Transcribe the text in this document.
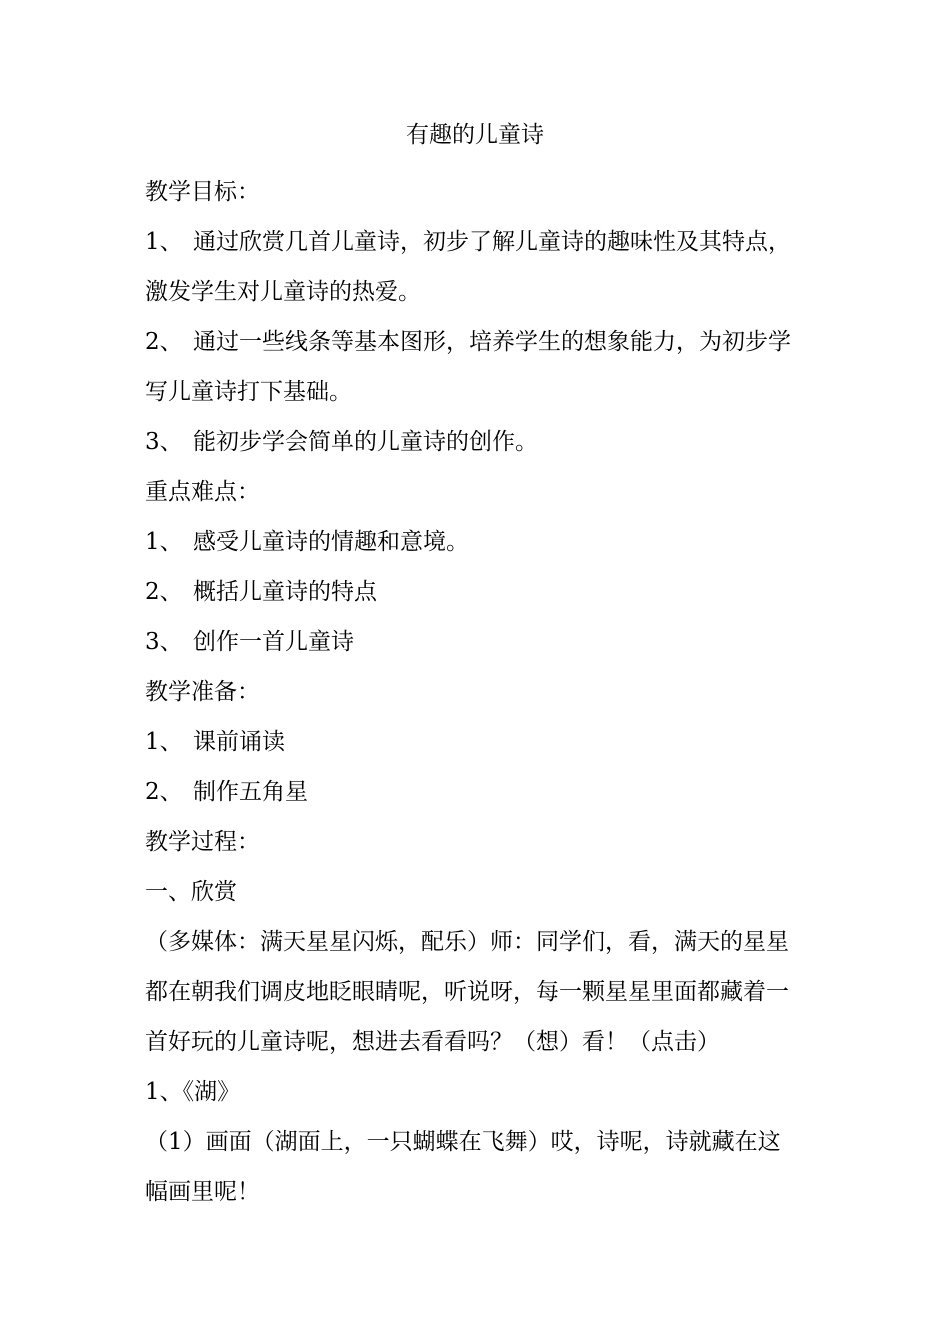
有趣的儿童诗

教学目标：

1、 通过欣赏几首儿童诗，初步了解儿童诗的趣味性及其特点，

激发学生对儿童诗的热爱。

2、 通过一些线条等基本图形，培养学生的想象能力，为初步学

写儿童诗打下基础。

3、 能初步学会简单的儿童诗的创作。

重点难点：

1、 感受儿童诗的情趣和意境。

2、 概括儿童诗的特点

3、 创作一首儿童诗

教学准备：

1、 课前诵读

2、 制作五角星

教学过程：

一、欣赏

（多媒体：满天星星闪烁，配乐）师：同学们，看，满天的星星

都在朝我们调皮地眨眼睛呢，听说呀，每一颗星星里面都藏着一

首好玩的儿童诗呢，想进去看看吗？（想）看！（点击）

1、《湖》

（1）画面（湖面上，一只蝴蝶在飞舞）哎，诗呢，诗就藏在这

幅画里呢！
